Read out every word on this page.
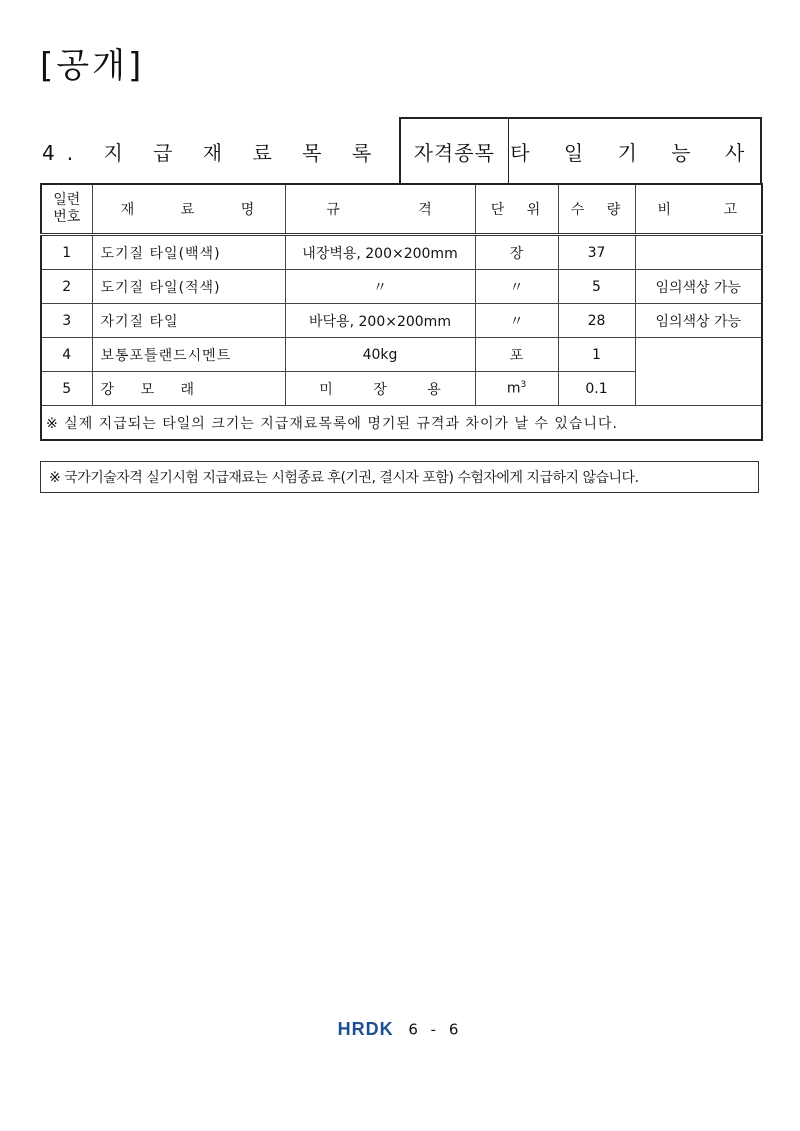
[공개]
4. 지 급 재 료 목 록	자격종목	타 일 기 능 사
일련
번호	재 료 명	규 격	단 위	수 량	비 고
1	도기질 타일(백색)	내장벽용, 200×200mm	장	37	
2	도기질 타일(적색)	〃	〃	5	임의색상 가능
3	자기질 타일	바닥용, 200×200mm	〃	28	임의색상 가능
4	보통포틀랜드시멘트	40kg	포	1	
5	강 모 래	미 장 용	$m^3$	0.1	
※ 실제 지급되는 타일의 크기는 지급재료목록에 명기된 규격과 차이가 날 수 있습니다.					
※ 국가기술자격 실기시험 지급재료는 시험종료 후(기권, 결시자 포함) 수험자에게 지급하지 않습니다.
HRDK 6 - 6
